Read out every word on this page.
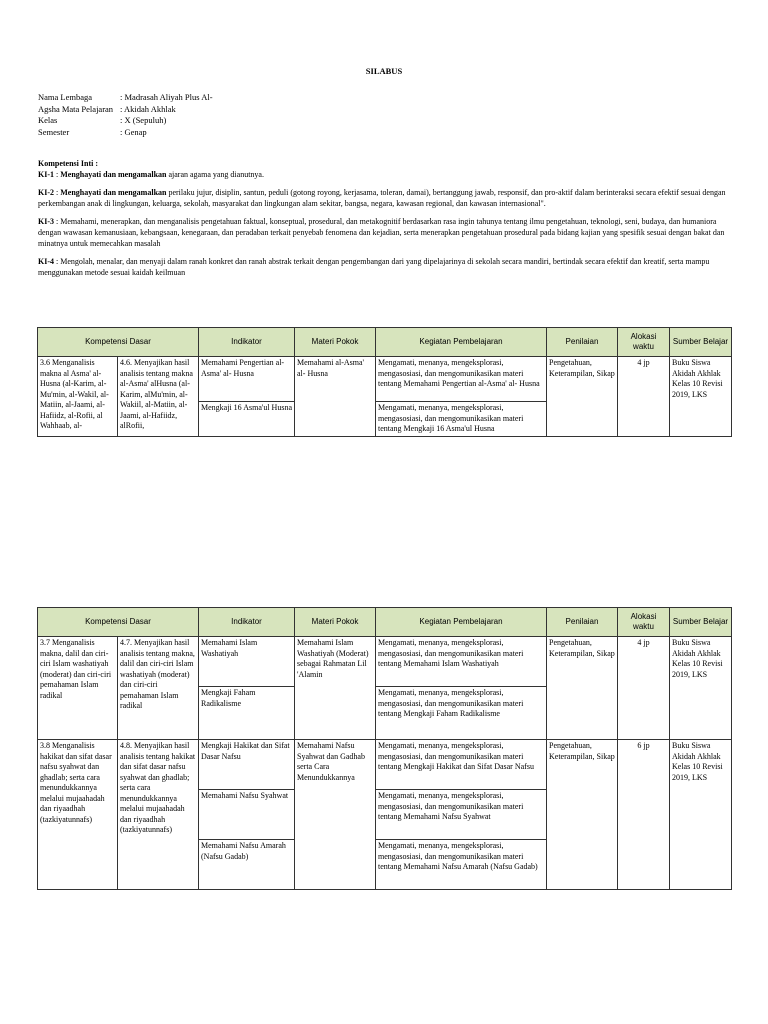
SILABUS
Nama Lembaga	: Madrasah Aliyah Plus Al-
Agsha Mata Pelajaran : Akidah Akhlak
Kelas	: X (Sepuluh)
Semester	: Genap

Kompetensi Inti :

KI-1 : Menghayati dan mengamalkan ajaran agama yang dianutnya.

KI-2 : Menghayati dan mengamalkan perilaku jujur, disiplin, santun, peduli (gotong royong, kerjasama, toleran, damai), bertanggung jawab, responsif, dan pro-aktif dalam berinteraksi secara efektif sesuai dengan perkembangan anak di lingkungan, keluarga, sekolah, masyarakat dan lingkungan alam sekitar, bangsa, negara, kawasan regional, dan kawasan internasional".

KI-3 : Memahami, menerapkan, dan menganalisis pengetahuan faktual, konseptual, prosedural, dan metakognitif berdasarkan rasa ingin tahunya tentang ilmu pengetahuan, teknologi, seni, budaya, dan humaniora dengan wawasan kemanusiaan, kebangsaan, kenegaraan, dan peradaban terkait penyebab fenomena dan kejadian, serta menerapkan pengetahuan prosedural pada bidang kajian yang spesifik sesuai dengan bakat dan minatnya untuk memecahkan masalah

KI-4 : Mengolah, menalar, dan menyaji dalam ranah konkret dan ranah abstrak terkait dengan pengembangan dari yang dipelajarinya di sekolah secara mandiri, bertindak secara efektif dan kreatif, serta mampu menggunakan metode sesuai kaidah keilmuan

Kompetensi Dasar		Indikator	Materi Pokok	Kegiatan Pembelajaran	Penilaian	Alokasi waktu	Sumber Belajar
3.6 Menganalisis makna al Asma' al-Husna (al-Karim, al-Mu'min, al-Wakil, al-Matiin, al-Jaami, al-Hafiidz, al-Rofii, al Wahhaab, al-	4.6. Menyajikan hasil analisis tentang makna al-Asma' alHusna (al-Karim, alMu'min, al-Wakiil, al-Matiin, al-Jaami, al-Hafiidz, alRofii,	Memahami Pengertian al- Asma' al- Husna	Memahami al-Asma' al- Husna	Mengamati, menanya, mengeksplorasi, mengasosiasi, dan mengomunikasikan materi tentang Memahami Pengertian al-Asma' al- Husna	Pengetahuan, Keterampilan, Sikap	4 jp	Buku Siswa Akidah Akhlak Kelas 10 Revisi 2019, LKS
		Mengkaji 16 Asma'ul Husna		Mengamati, menanya, mengeksplorasi, mengasosiasi, dan mengomunikasikan materi tentang Mengkaji 16 Asma'ul Husna			
Kompetensi Dasar		Indikator	Materi Pokok	Kegiatan Pembelajaran	Penilaian	Alokasi waktu	Sumber Belajar
3.7 Menganalisis makna, dalil dan ciri-ciri Islam washatiyah (moderat) dan ciri-ciri pemahaman Islam radikal	4.7. Menyajikan hasil analisis tentang makna, dalil dan ciri-ciri Islam washatiyah (moderat) dan ciri-ciri pemahaman Islam radikal	Memahami Islam Washatiyah	Memahami Islam Washatiyah (Moderat) sebagai Rahmatan Lil 'Alamin	Mengamati, menanya, mengeksplorasi, mengasosiasi, dan mengomunikasikan materi tentang Memahami Islam Washatiyah	Pengetahuan, Keterampilan, Sikap	4 jp	Buku Siswa Akidah Akhlak Kelas 10 Revisi 2019, LKS
		Mengkaji Faham Radikalisme		Mengamati, menanya, mengeksplorasi, mengasosiasi, dan mengomunikasikan materi tentang Mengkaji Faham Radikalisme			
3.8 Menganalisis hakikat dan sifat dasar nafsu syahwat dan ghadlab; serta cara menundukkannya melalui mujaahadah dan riyaadhah (tazkiyatunnafs)	4.8. Menyajikan hasil analisis tentang hakikat dan sifat dasar nafsu syahwat dan ghadlab; serta cara menundukkannya melalui mujaahadah dan riyaadhah (tazkiyatunnafs)	Mengkaji Hakikat dan Sifat Dasar Nafsu	Memahami Nafsu Syahwat dan Gadhab serta Cara Menundukkannya	Mengamati, menanya, mengeksplorasi, mengasosiasi, dan mengomunikasikan materi tentang Mengkaji Hakikat dan Sifat Dasar Nafsu	Pengetahuan, Keterampilan, Sikap	6 jp	Buku Siswa Akidah Akhlak Kelas 10 Revisi 2019, LKS
		Memahami Nafsu Syahwat		Mengamati, menanya, mengeksplorasi, mengasosiasi, dan mengomunikasikan materi tentang Memahami Nafsu Syahwat			
		Memahami Nafsu Amarah (Nafsu Gadab)		Mengamati, menanya, mengeksplorasi, mengasosiasi, dan mengomunikasikan materi tentang Memahami Nafsu Amarah (Nafsu Gadab)			
